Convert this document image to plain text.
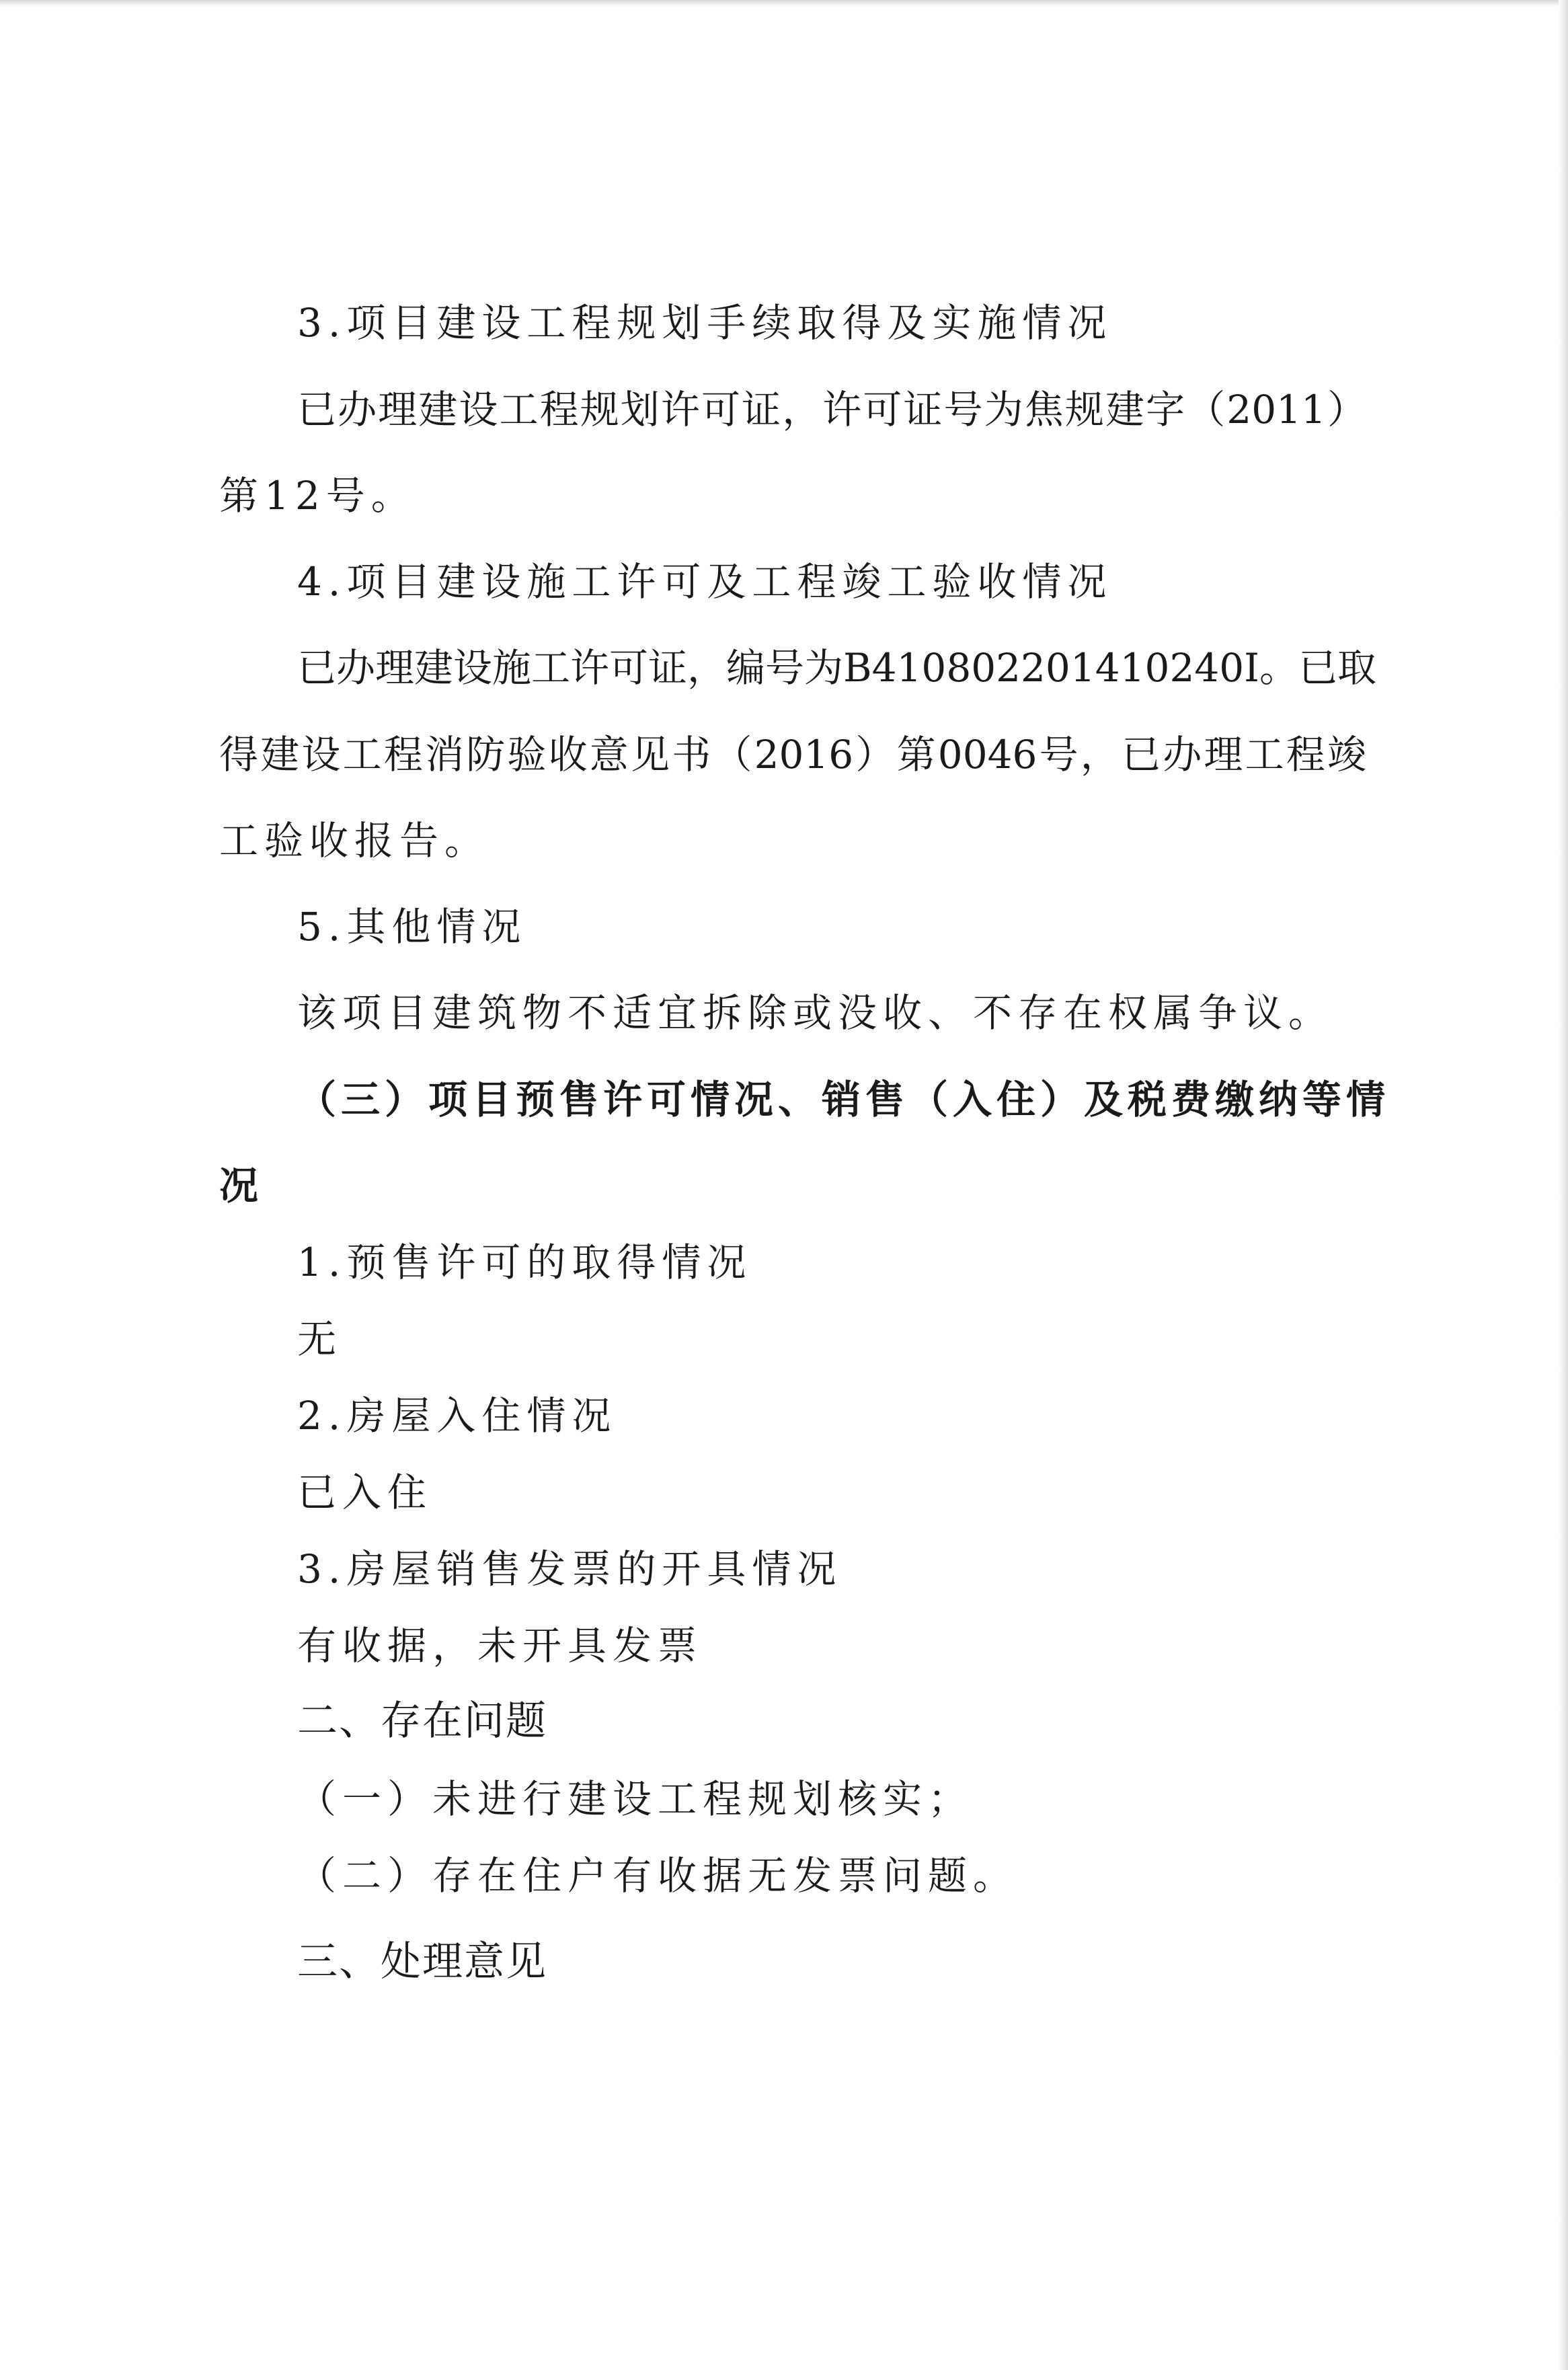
3.项目建设工程规划手续取得及实施情况
已办理建设工程规划许可证，许可证号为焦规建字（2011）
第12号。
4.项目建设施工许可及工程竣工验收情况
已办理建设施工许可证，编号为B410802201410240I。已取
得建设工程消防验收意见书（2016）第0046号，已办理工程竣
工验收报告。
5.其他情况
该项目建筑物不适宜拆除或没收、不存在权属争议。
（三）项目预售许可情况、销售（入住）及税费缴纳等情
况
1.预售许可的取得情况
无
2.房屋入住情况
已入住
3.房屋销售发票的开具情况
有收据，未开具发票
二、存在问题
（一）未进行建设工程规划核实；
（二）存在住户有收据无发票问题。
三、处理意见
